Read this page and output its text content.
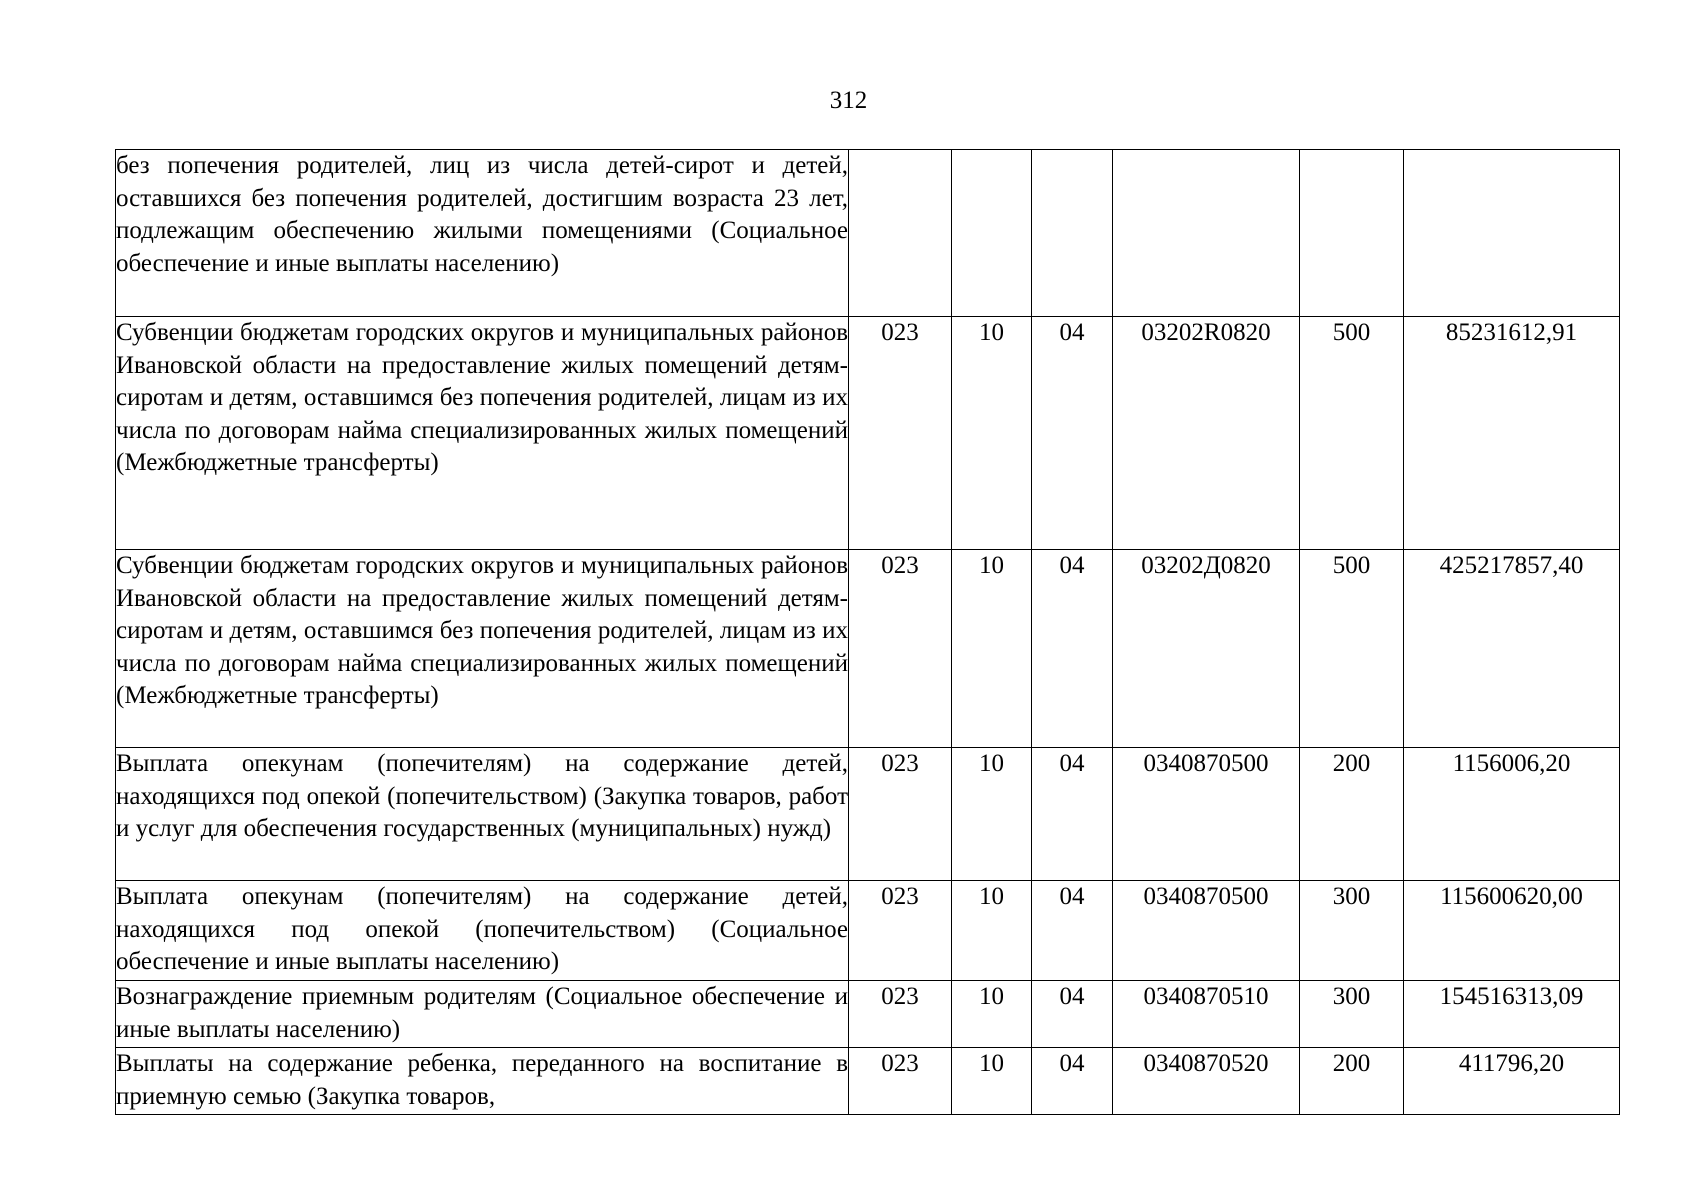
312
без попечения родителей, лиц из числа детей-сирот и детей, оставшихся без попечения родителей, достигшим возраста 23 лет, подлежащим обеспечению жилыми помещениями (Социальное обеспечение и иные выплаты населению)						
Субвенции бюджетам городских округов и муниципальных районов Ивановской области на предоставление жилых помещений детям-сиротам и детям, оставшимся без попечения родителей, лицам из их числа по договорам найма специализированных жилых помещений (Межбюджетные трансферты)	023	10	04	03202R0820	500	85231612,91
Субвенции бюджетам городских округов и муниципальных районов Ивановской области на предоставление жилых помещений детям-сиротам и детям, оставшимся без попечения родителей, лицам из их числа по договорам найма специализированных жилых помещений (Межбюджетные трансферты)	023	10	04	03202Д0820	500	425217857,40
Выплата опекунам (попечителям) на содержание детей, находящихся под опекой (попечительством) (Закупка товаров, работ и услуг для обеспечения государственных (муниципальных) нужд)	023	10	04	0340870500	200	1156006,20
Выплата опекунам (попечителям) на содержание детей, находящихся под опекой (попечительством) (Социальное обеспечение и иные выплаты населению)	023	10	04	0340870500	300	115600620,00
Вознаграждение приемным родителям (Социальное обеспечение и иные выплаты населению)	023	10	04	0340870510	300	154516313,09
Выплаты на содержание ребенка, переданного на воспитание в приемную семью (Закупка товаров,	023	10	04	0340870520	200	411796,20
